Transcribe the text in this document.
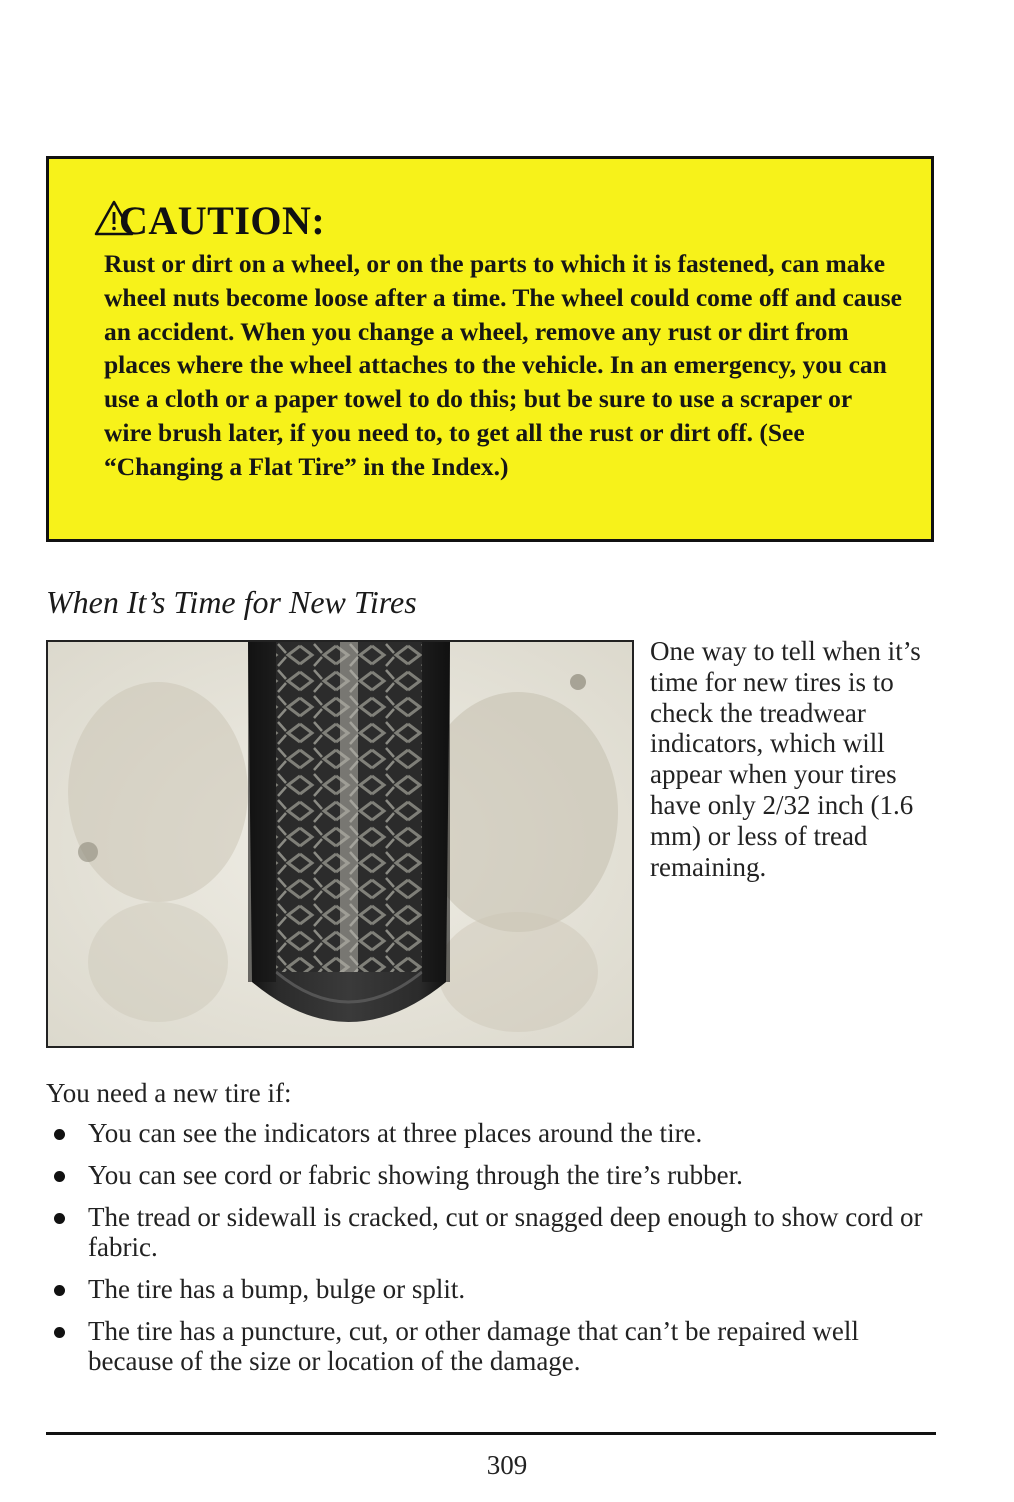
CAUTION:
Rust or dirt on a wheel, or on the parts to which it is fastened, can make wheel nuts become loose after a time. The wheel could come off and cause an accident. When you change a wheel, remove any rust or dirt from places where the wheel attaches to the vehicle. In an emergency, you can use a cloth or a paper towel to do this; but be sure to use a scraper or wire brush later, if you need to, to get all the rust or dirt off. (See “Changing a Flat Tire” in the Index.)
When It’s Time for New Tires
One way to tell when it’s time for new tires is to check the treadwear indicators, which will appear when your tires have only 2/32 inch (1.6 mm) or less of tread remaining.
You need a new tire if:
You can see the indicators at three places around the tire.
You can see cord or fabric showing through the tire’s rubber.
The tread or sidewall is cracked, cut or snagged deep enough to show cord or fabric.
The tire has a bump, bulge or split.
The tire has a puncture, cut, or other damage that can’t be repaired well because of the size or location of the damage.
309
